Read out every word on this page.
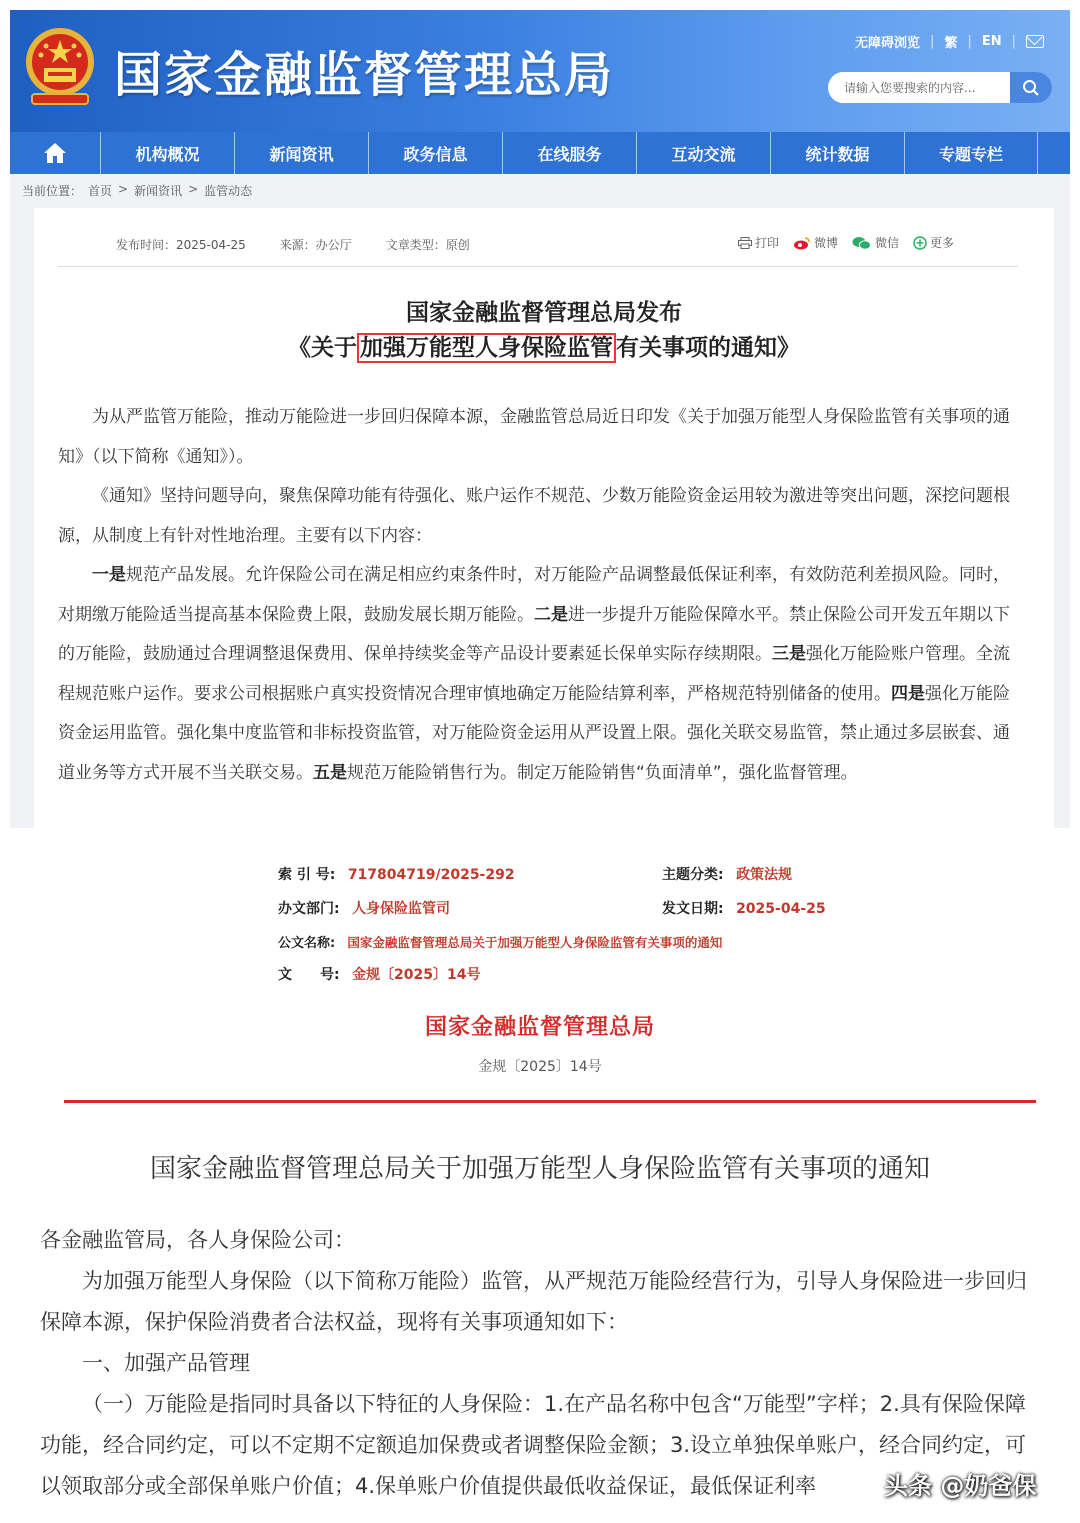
国家金融监督管理总局
无障碍浏览 | 繁 | EN |
请输入您要搜索的内容...
机构概况	新闻资讯	政务信息	在线服务	互动交流	统计数据	专题专栏
当前位置： 首页 > 新闻资讯 > 监管动态
发布时间：2025-04-25	来源：办公厅	文章类型：原创	打印	微博	微信	更多
国家金融监督管理总局发布
《关于 加强万能型人身保险监管 有关事项的通知》

为从严监管万能险，推动万能险进一步回归保障本源，金融监管总局近日印发《关于加强万能型人身保险监管有关事项的通知》（以下简称《通知》）。

《通知》坚持问题导向，聚焦保障功能有待强化、账户运作不规范、少数万能险资金运用较为激进等突出问题，深挖问题根源，从制度上有针对性地治理。主要有以下内容：

一是规范产品发展。允许保险公司在满足相应约束条件时，对万能险产品调整最低保证利率，有效防范利差损风险。同时，对期缴万能险适当提高基本保险费上限，鼓励发展长期万能险。二是进一步提升万能险保障水平。禁止保险公司开发五年期以下的万能险，鼓励通过合理调整退保费用、保单持续奖金等产品设计要素延长保单实际存续期限。三是强化万能险账户管理。全流程规范账户运作。要求公司根据账户真实投资情况合理审慎地确定万能险结算利率，严格规范特别储备的使用。四是强化万能险资金运用监管。强化集中度监管和非标投资监管，对万能险资金运用从严设置上限。强化关联交易监管，禁止通过多层嵌套、通道业务等方式开展不当关联交易。五是规范万能险销售行为。制定万能险销售“负面清单”，强化监督管理。

索 引 号: 717804719/2025-292	主题分类: 政策法规
办文部门: 人身保险监管司	发文日期: 2025-04-25
公文名称: 国家金融监督管理总局关于加强万能型人身保险监管有关事项的通知
文　　号: 金规〔2025〕14号
国家金融监督管理总局
金规〔2025〕14号
国家金融监督管理总局关于加强万能型人身保险监管有关事项的通知

各金融监管局，各人身保险公司：

为加强万能型人身保险（以下简称万能险）监管，从严规范万能险经营行为，引导人身保险进一步回归保障本源，保护保险消费者合法权益，现将有关事项通知如下：

一、加强产品管理

（一）万能险是指同时具备以下特征的人身保险：1.在产品名称中包含“万能型”字样；2.具有保险保障功能，经合同约定，可以不定期不定额追加保费或者调整保险金额；3.设立单独保单账户，经合同约定，可以领取部分或全部保单账户价值；4.保单账户价值提供最低收益保证，最低保证利率	头条 @奶爸保
